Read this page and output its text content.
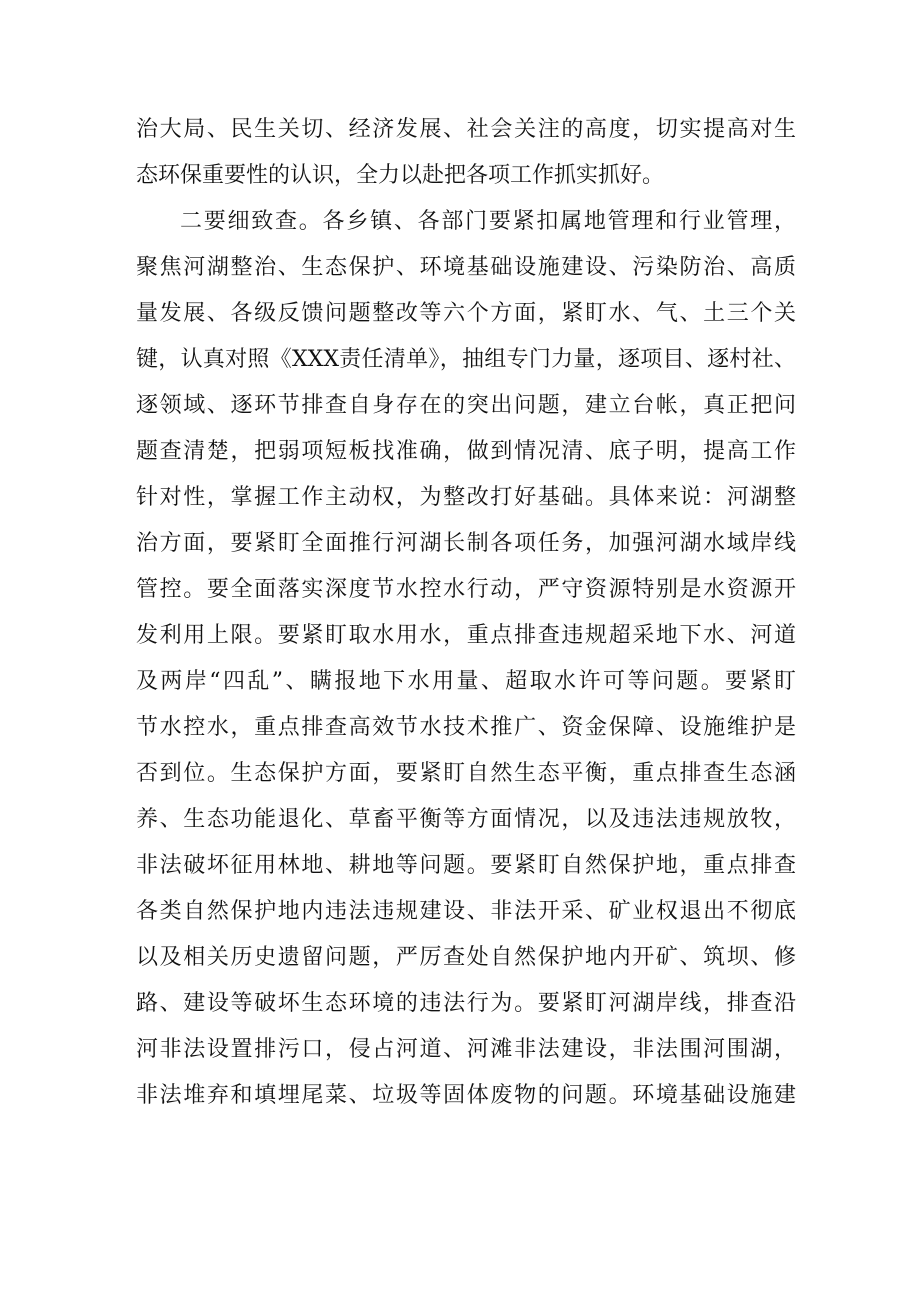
治大局、民生关切、经济发展、社会关注的高度，切实提高对生
态环保重要性的认识，全力以赴把各项工作抓实抓好。
二要细致查。各乡镇、各部门要紧扣属地管理和行业管理，
聚焦河湖整治、生态保护、环境基础设施建设、污染防治、高质
量发展、各级反馈问题整改等六个方面，紧盯水、气、土三个关
键，认真对照《XXX责任清单》，抽组专门力量，逐项目、逐村社、
逐领域、逐环节排查自身存在的突出问题，建立台帐，真正把问
题查清楚，把弱项短板找准确，做到情况清、底子明，提高工作
针对性，掌握工作主动权，为整改打好基础。具体来说：河湖整
治方面，要紧盯全面推行河湖长制各项任务，加强河湖水域岸线
管控。要全面落实深度节水控水行动，严守资源特别是水资源开
发利用上限。要紧盯取水用水，重点排查违规超采地下水、河道
及两岸“四乱”、瞒报地下水用量、超取水许可等问题。要紧盯
节水控水，重点排查高效节水技术推广、资金保障、设施维护是
否到位。生态保护方面，要紧盯自然生态平衡，重点排查生态涵
养、生态功能退化、草畜平衡等方面情况，以及违法违规放牧，
非法破坏征用林地、耕地等问题。要紧盯自然保护地，重点排查
各类自然保护地内违法违规建设、非法开采、矿业权退出不彻底
以及相关历史遗留问题，严厉查处自然保护地内开矿、筑坝、修
路、建设等破坏生态环境的违法行为。要紧盯河湖岸线，排查沿
河非法设置排污口，侵占河道、河滩非法建设，非法围河围湖，
非法堆弃和填埋尾菜、垃圾等固体废物的问题。环境基础设施建
